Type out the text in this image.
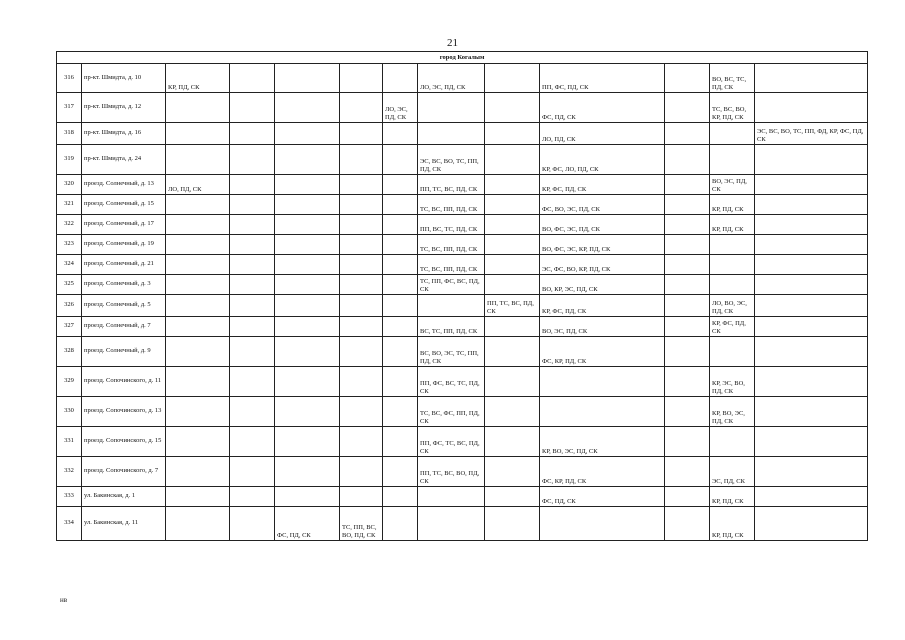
21
город Когалым												
316	пр-кт. Шмидта, д. 10	КР, ПД, СК					ЛО, ЭС, ПД, СК		ПП, ФС, ПД, СК		ВО, ВС, ТС, ПД, СК	
317	пр-кт. Шмидта, д. 12					ЛО, ЭС, ПД, СК			ФС, ПД, СК		ТС, ВС, ВО, КР, ПД, СК	
318	пр-кт. Шмидта, д. 16								ЛО, ПД, СК			ЭС, ВС, ВО, ТС, ПП, ФД, КР, ФС, ПД, СК
319	пр-кт. Шмидта, д. 24						ЭС, ВС, ВО, ТС, ПП, ПД, СК		КР, ФС, ЛО, ПД, СК			
320	проезд. Солнечный, д. 13	ЛО, ПД, СК					ПП, ТС, ВС, ПД, СК		КР, ФС, ПД, СК		ВО, ЭС, ПД, СК	
321	проезд. Солнечный, д. 15						ТС, ВС, ПП, ПД, СК		ФС, ВО, ЭС, ПД, СК		КР, ПД, СК	
322	проезд. Солнечный, д. 17						ПП, ВС, ТС, ПД, СК		ВО, ФС, ЭС, ПД, СК		КР, ПД, СК	
323	проезд. Солнечный, д. 19						ТС, ВС, ПП, ПД, СК		ВО, ФС, ЭС, КР, ПД, СК			
324	проезд. Солнечный, д. 21						ТС, ВС, ПП, ПД, СК		ЭС, ФС, ВО, КР, ПД, СК			
325	проезд. Солнечный, д. 3						ТС, ПП, ФС, ВС, ПД, СК		ВО, КР, ЭС, ПД, СК			
326	проезд. Солнечный, д. 5							ПП, ТС, ВС, ПД, СК	КР, ФС, ПД, СК		ЛО, ВО, ЭС, ПД, СК	
327	проезд. Солнечный, д. 7						ВС, ТС, ПП, ПД, СК		ВО, ЭС, ПД, СК		КР, ФС, ПД, СК	
328	проезд. Солнечный, д. 9						ВС, ВО, ЭС, ТС, ПП, ПД, СК		ФС, КР, ПД, СК			
329	проезд. Сопочинского, д. 11						ПП, ФС, ВС, ТС, ПД, СК				КР, ЭС, ВО, ПД, СК	
330	проезд. Сопочинского, д. 13						ТС, ВС, ФС, ПП, ПД, СК				КР, ВО, ЭС, ПД, СК	
331	проезд. Сопочинского, д. 15						ПП, ФС, ТС, ВС, ПД, СК		КР, ВО, ЭС, ПД, СК			
332	проезд. Сопочинского, д. 7						ПП, ТС, ВС, ВО, ПД, СК		ФС, КР, ПД, СК		ЭС, ПД, СК	
333	ул. Бакинская, д. 1								ФС, ПД, СК		КР, ПД, СК	
334	ул. Бакинская, д. 11			ФС, ПД, СК	ТС, ПП, ВС, ВО, ПД, СК						КР, ПД, СК	
нв
